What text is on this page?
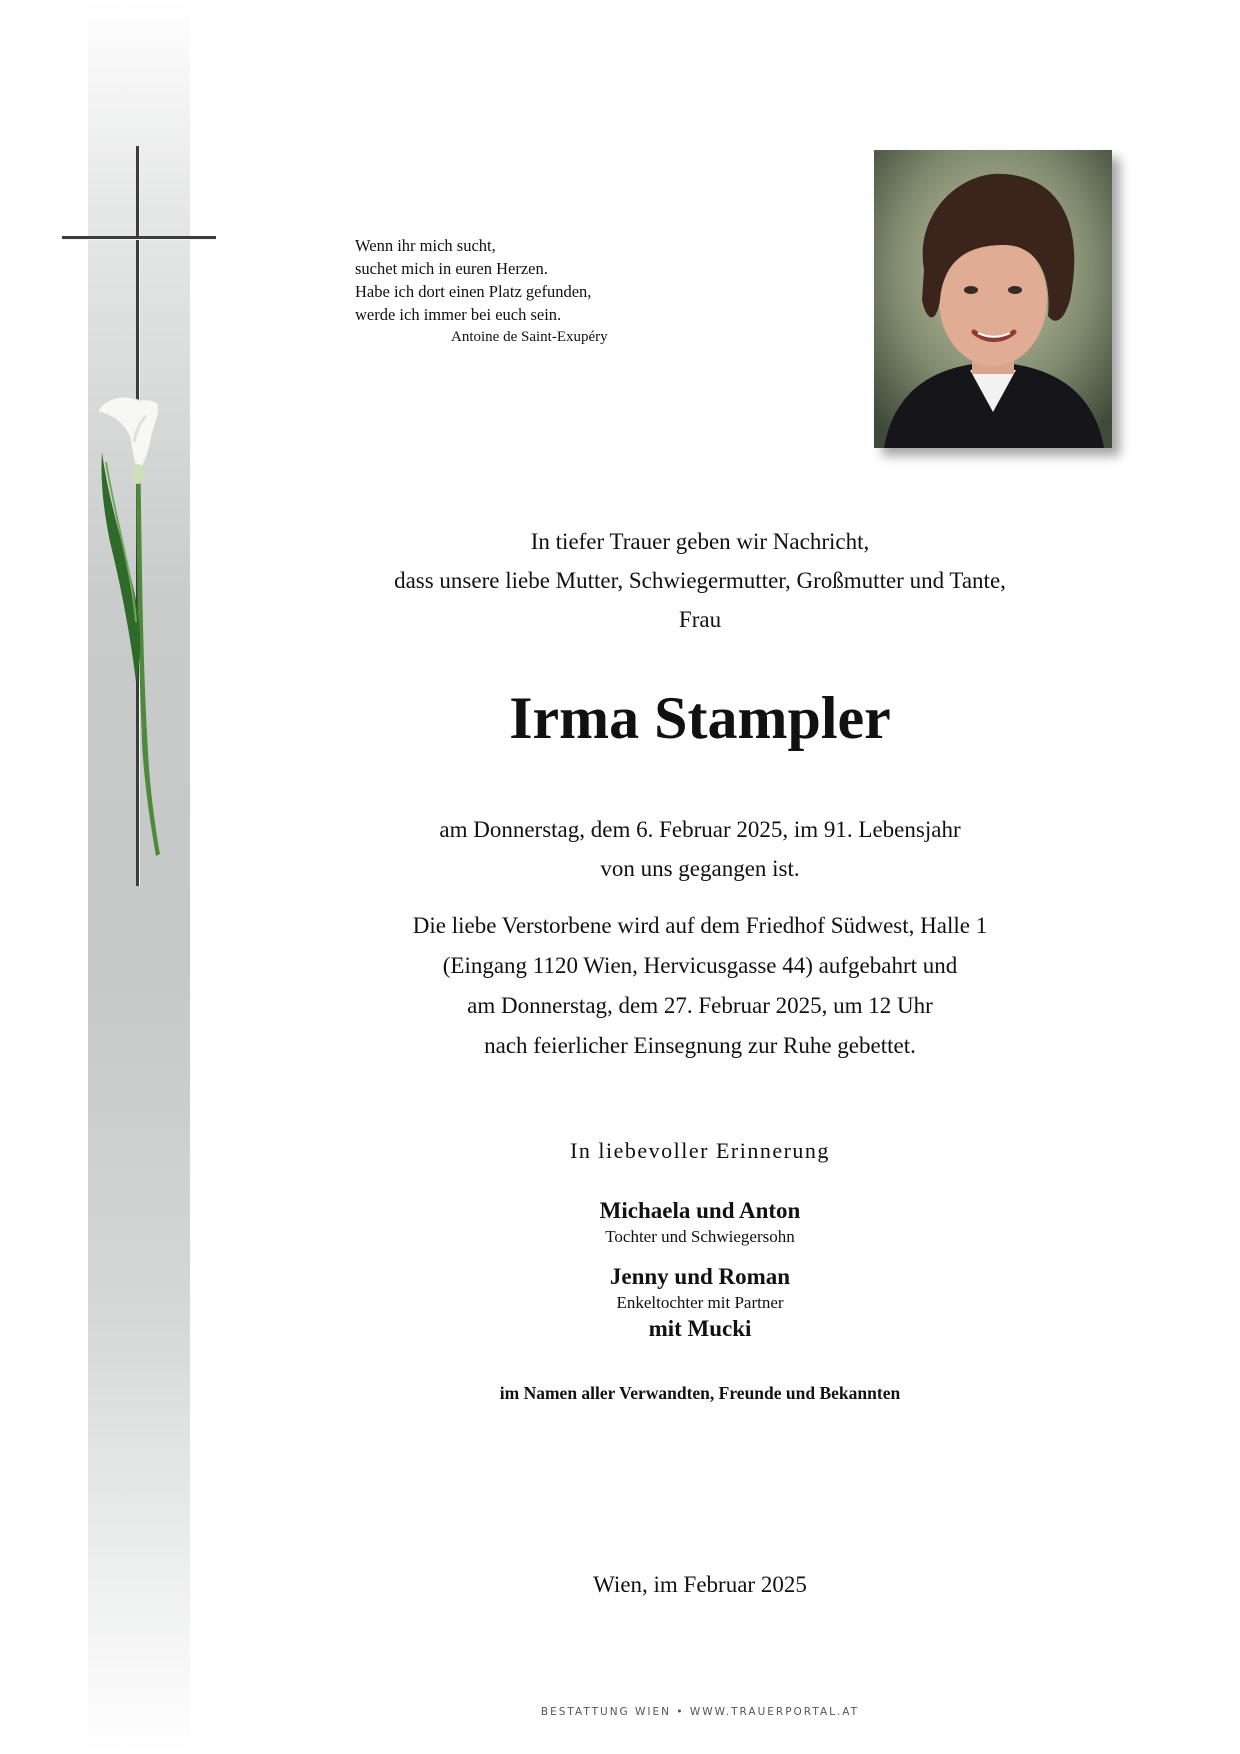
Wenn ihr mich sucht,
suchet mich in euren Herzen.
Habe ich dort einen Platz gefunden,
werde ich immer bei euch sein.
Antoine de Saint-Exupéry
In tiefer Trauer geben wir Nachricht,
dass unsere liebe Mutter, Schwiegermutter, Großmutter und Tante,
Frau
Irma Stampler
am Donnerstag, dem 6. Februar 2025, im 91. Lebensjahr
von uns gegangen ist.
Die liebe Verstorbene wird auf dem Friedhof Südwest, Halle 1
(Eingang 1120 Wien, Hervicusgasse 44) aufgebahrt und
am Donnerstag, dem 27. Februar 2025, um 12 Uhr
nach feierlicher Einsegnung zur Ruhe gebettet.
In liebevoller Erinnerung
Michaela und Anton
Tochter und Schwiegersohn
Jenny und Roman
Enkeltochter mit Partner
mit Mucki
im Namen aller Verwandten, Freunde und Bekannten
Wien, im Februar 2025
BESTATTUNG WIEN • WWW.TRAUERPORTAL.AT
